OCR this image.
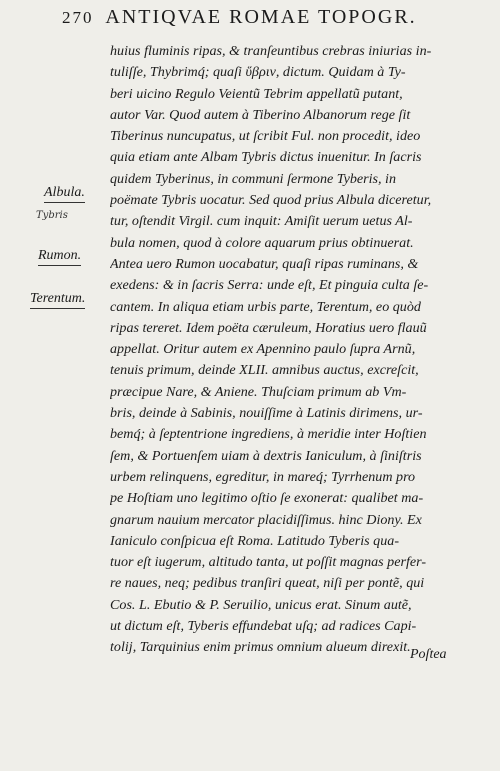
270 ANTIQVAE ROMAE TOPOGR.
Albula.
Tybris
Rumon.
Terentum.
huius fluminis ripas, & tranſeuntibus crebras iniurias in-
tuliſſe, Thybrimq́; quaſi ὕβριν, dictum. Quidam à Ty-
beri uicino Regulo Veientũ Tebrim appellatũ putant,
autor Var. Quod autem à Tiberino Albanorum rege ſit
Tiberinus nuncupatus, ut ſcribit Ful. non procedit, ideo
quia etiam ante Albam Tybris dictus inuenitur. In ſacris
quidem Tyberinus, in communi ſermone Tyberis, in
poëmate Tybris uocatur. Sed quod prius Albula diceretur,
tur, oſtendit Virgil. cum inquit: Amiſit uerum uetus Al-
bula nomen, quod à colore aquarum prius obtinuerat.
Antea uero Rumon uocabatur, quaſi ripas ruminans, &
exedens: & in ſacris Serra: unde eſt, Et pinguia culta ſe-
cantem. In aliqua etiam urbis parte, Terentum, eo quòd
ripas tereret. Idem poëta cæruleum, Horatius uero flauũ
appellat. Oritur autem ex Apennino paulo ſupra Arnũ,
tenuis primum, deinde XLII. amnibus auctus, excreſcit,
præcipue Nare, & Aniene. Thuſciam primum ab Vm-
bris, deinde à Sabinis, nouiſſime à Latinis dirimens, ur-
bemq́; à ſeptentrione ingrediens, à meridie inter Hoſtien
ſem, & Portuenſem uiam à dextris Ianiculum, à ſiniſtris
urbem relinquens, egreditur, in mareq́; Tyrrhenum pro
pe Hoſtiam uno legitimo oſtio ſe exonerat: qualibet ma-
gnarum nauium mercator placidiſſimus. hinc Diony. Ex
Ianiculo conſpicua eſt Roma. Latitudo Tyberis qua-
tuor eſt iugerum, altitudo tanta, ut poſſit magnas perfer-
re naues, neq; pedibus tranſiri queat, niſi per pontẽ, qui
Cos. L. Ebutio & P. Seruilio, unicus erat. Sinum autẽ,
ut dictum eſt, Tyberis effundebat uſq; ad radices Capi-
tolij, Tarquinius enim primus omnium alueum direxit. Poſtea
